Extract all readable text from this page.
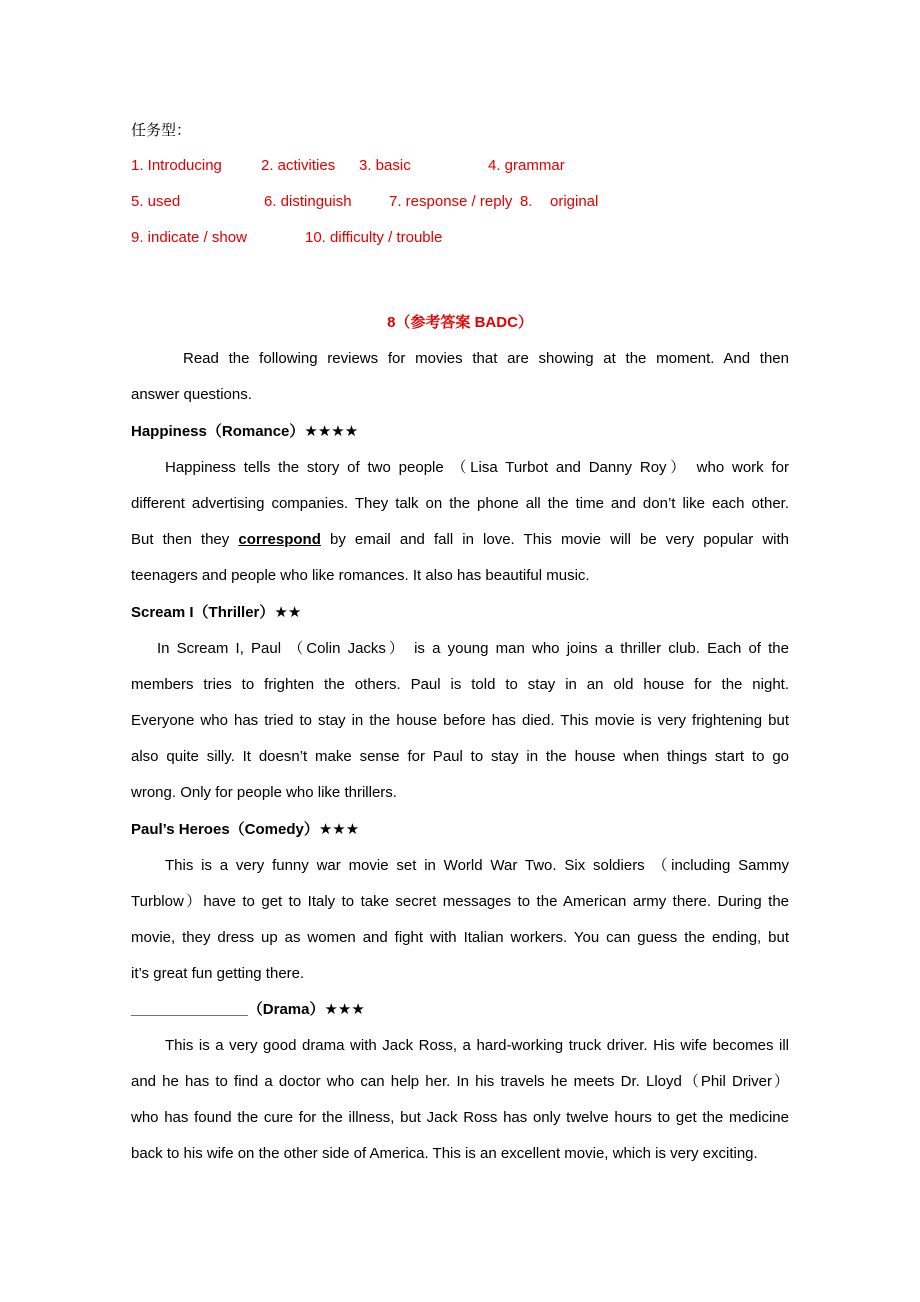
任务型：
1. Introducing	2. activities 3. basic	4. grammar
5. used	6. distinguish 7. response / reply 8. original
9. indicate / show	10. difficulty / trouble
8（参考答案 BADC）
Read the following reviews for movies that are showing at the moment. And then
answer questions.
Happiness（Romance）★★★★
Happiness tells the story of two people （Lisa Turbot and Danny Roy） who work for
different advertising companies. They talk on the phone all the time and don’t like each other.
But then they correspond by email and fall in love. This movie will be very popular with
teenagers and people who like romances. It also has beautiful music.
Scream I（Thriller）★★
In Scream I, Paul （Colin Jacks） is a young man who joins a thriller club. Each of the
members tries to frighten the others. Paul is told to stay in an old house for the night.
Everyone who has tried to stay in the house before has died. This movie is very frightening but
also quite silly. It doesn’t make sense for Paul to stay in the house when things start to go
wrong. Only for people who like thrillers.
Paul’s Heroes（Comedy）★★★
This is a very funny war movie set in World War Two. Six soldiers （including Sammy
Turblow）have to get to Italy to take secret messages to the American army there. During the
movie, they dress up as women and fight with Italian workers. You can guess the ending, but
it’s great fun getting there.
______________（Drama）★★★
This is a very good drama with Jack Ross, a hard-working truck driver. His wife becomes ill
and he has to find a doctor who can help her. In his travels he meets Dr. Lloyd（Phil Driver）
who has found the cure for the illness, but Jack Ross has only twelve hours to get the medicine
back to his wife on the other side of America. This is an excellent movie, which is very exciting.
